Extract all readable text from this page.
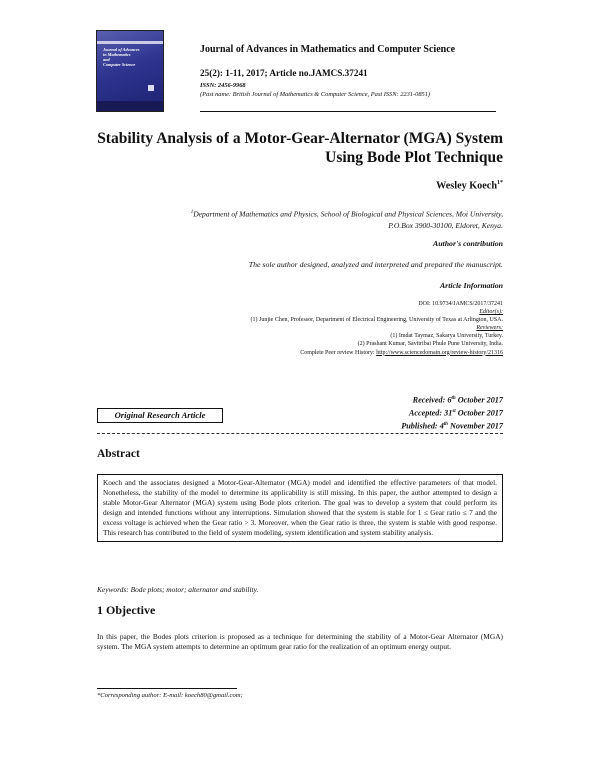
Journal of Advances
in Mathematics
and
Computer Science
Journal of Advances in Mathematics and Computer Science
25(2): 1-11, 2017; Article no.JAMCS.37241
ISSN: 2456-9968
(Past name: British Journal of Mathematics & Computer Science, Past ISSN: 2231-0851)
Stability Analysis of a Motor-Gear-Alternator (MGA) System
Using Bode Plot Technique
Wesley Koech$^{1*}$
$^1$Department of Mathematics and Physics, School of Biological and Physical Sciences, Moi University,
P.O.Box 3900-30100, Eldoret, Kenya.
Author's contribution
The sole author designed, analyzed and interpreted and prepared the manuscript.
Article Information
DOI: 10.9734/JAMCS/2017/37241
Editor(s):
(1) Junjie Chen, Professor, Department of Electrical Engineering, University of Texas at Arlington, USA.
Reviewers:
(1) Imdat Taymaz, Sakarya University, Turkey.
(2) Prashant Kumar, Savitribai Phule Pune University, India.
Complete Peer review History: http://www.sciencedomain.org/review-history/21316
Received: 6th October 2017
Accepted: 31st October 2017
Published: 4th November 2017
Original Research Article
Abstract
Koech and the associates designed a Motor-Gear-Alternator (MGA) model and identified the effective parameters of that model. Nonetheless, the stability of the model to determine its applicability is still missing. In this paper, the author attempted to design a stable Motor-Gear Alternator (MGA) system using Bode plots criterion. The goal was to develop a system that could perform its design and intended functions without any interruptions. Simulation showed that the system is stable for 1 ≤ Gear ratio ≤ 7 and the excess voltage is achieved when the Gear ratio > 3. Moreover, when the Gear ratio is three, the system is stable with good response. This research has contributed to the field of system modeling, system identification and system stability analysis.
Keywords: Bode plots; motor; alternator and stability.
1 Objective
In this paper, the Bodes plots criterion is proposed as a technique for determining the stability of a Motor-Gear Alternator (MGA) system. The MGA system attempts to determine an optimum gear ratio for the realization of an optimum energy output.
*Corresponding author: E-mail: koech80@gmail.com;
